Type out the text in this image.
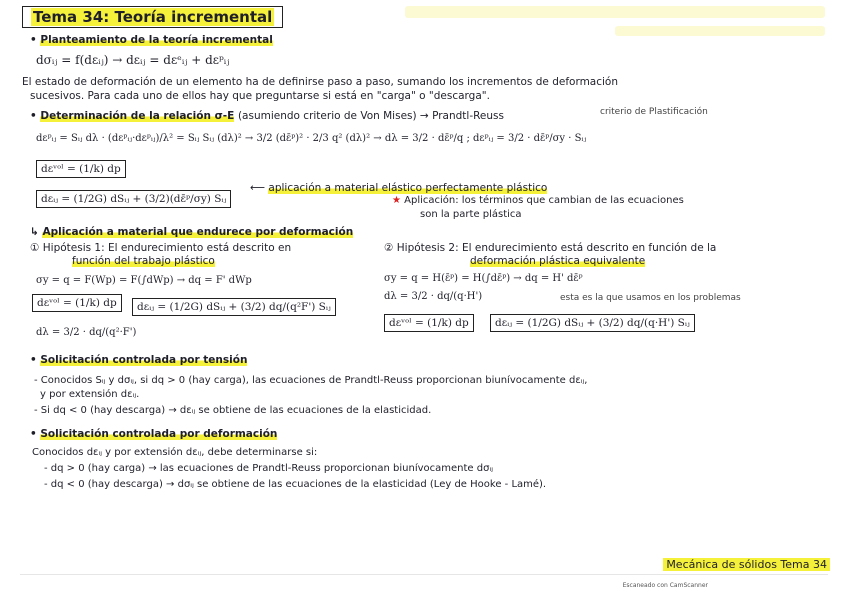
Tema 34: Teoría incremental
• Planteamiento de la teoría incremental
dσᵢⱼ = f(dεᵢⱼ) → dεᵢⱼ = dεᵉᵢⱼ + dεᵖᵢⱼ
El estado de deformación de un elemento ha de definirse paso a paso, sumando los incrementos de deformación
sucesivos. Para cada uno de ellos hay que preguntarse si está en "carga" o "descarga".
• Determinación de la relación σ-E (asumiendo criterio de Von Mises) → Prandtl-Reuss	criterio de Plastificación
dεᵖᵢⱼ = Sᵢⱼ dλ · (dεᵖᵢⱼ·dεᵖᵢⱼ)/λ² = Sᵢⱼ Sᵢⱼ (dλ)² → 3/2 (dε̄ᵖ)² · 2/3 q² (dλ)² → dλ = 3/2 · dε̄ᵖ/q ; dεᵖᵢⱼ = 3/2 · dε̄ᵖ/σy · Sᵢⱼ
dεᵛᵒˡ = (1/k) dp
dεᵢⱼ = (1/2G) dSᵢⱼ + (3/2)(dε̄ᵖ/σy) Sᵢⱼ
⟵ aplicación a material elástico perfectamente plástico
★ Aplicación: los términos que cambian de las ecuaciones
son la parte plástica
↳ Aplicación a material que endurece por deformación
① Hipótesis 1: El endurecimiento está descrito en
función del trabajo plástico
σy = q = F(Wp) = F(∫dWp) → dq = F' dWp
dεᵛᵒˡ = (1/k) dp	dεᵢⱼ = (1/2G) dSᵢⱼ + (3/2) dq/(q²F') Sᵢⱼ
dλ = 3/2 · dq/(q²·F')
② Hipótesis 2: El endurecimiento está descrito en función de la
deformación plástica equivalente
σy = q = H(ε̄ᵖ) = H(∫dε̄ᵖ) → dq = H' dε̄ᵖ
dλ = 3/2 · dq/(q·H')	esta es la que usamos en los problemas
dεᵛᵒˡ = (1/k) dp	dεᵢⱼ = (1/2G) dSᵢⱼ + (3/2) dq/(q·H') Sᵢⱼ
• Solicitación controlada por tensión
- Conocidos Sᵢⱼ y dσᵢⱼ, si dq > 0 (hay carga), las ecuaciones de Prandtl-Reuss proporcionan biunívocamente dεᵢⱼ,
y por extensión dεᵢⱼ.
- Si dq < 0 (hay descarga) → dεᵢⱼ se obtiene de las ecuaciones de la elasticidad.
• Solicitación controlada por deformación
Conocidos dεᵢⱼ y por extensión dεᵢⱼ, debe determinarse si:
- dq > 0 (hay carga) → las ecuaciones de Prandtl-Reuss proporcionan biunívocamente dσᵢⱼ
- dq < 0 (hay descarga) → dσᵢⱼ se obtiene de las ecuaciones de la elasticidad (Ley de Hooke - Lamé).
Mecánica de sólidos Tema 34
Escaneado con CamScanner
